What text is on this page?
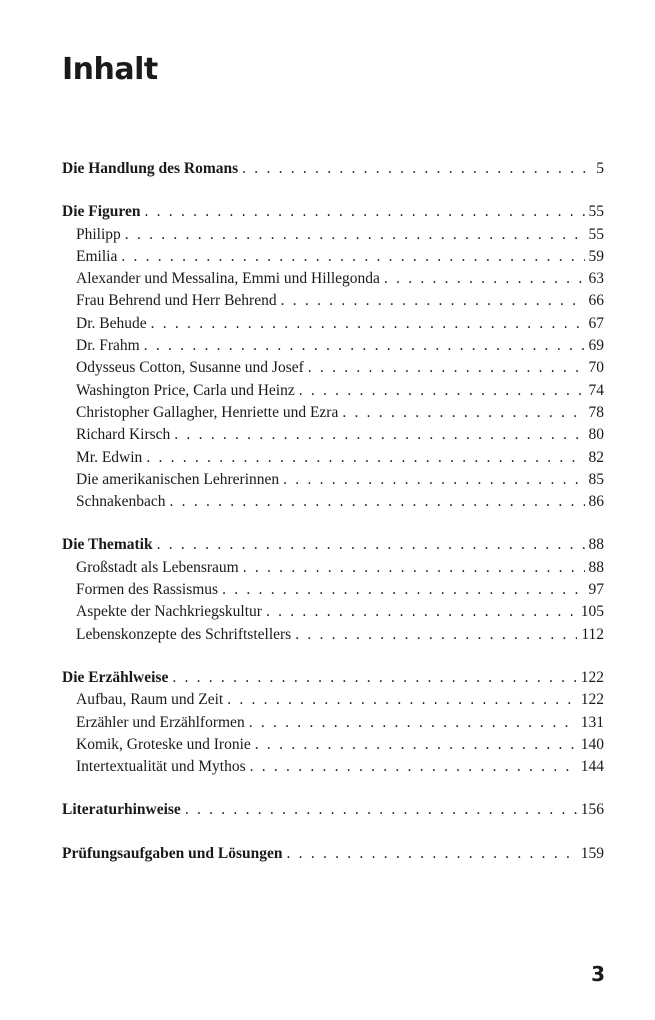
Inhalt
Die Handlung des Romans . . .	5
Die Figuren . . .	55
Philipp . . .	55
Emilia . . .	59
Alexander und Messalina, Emmi und Hillegonda . . .	63
Frau Behrend und Herr Behrend . . .	66
Dr. Behude . . .	67
Dr. Frahm . . .	69
Odysseus Cotton, Susanne und Josef . . .	70
Washington Price, Carla und Heinz . . .	74
Christopher Gallagher, Henriette und Ezra . . .	78
Richard Kirsch . . .	80
Mr. Edwin . . .	82
Die amerikanischen Lehrerinnen . . .	85
Schnakenbach . . .	86
Die Thematik . . .	88
Großstadt als Lebensraum . . .	88
Formen des Rassismus . . .	97
Aspekte der Nachkriegskultur . . .	105
Lebenskonzepte des Schriftstellers . . .	112
Die Erzählweise . . .	122
Aufbau, Raum und Zeit . . .	122
Erzähler und Erzählformen . . .	131
Komik, Groteske und Ironie . . .	140
Intertextualität und Mythos . . .	144
Literaturhinweise . . .	156
Prüfungsaufgaben und Lösungen . . .	159
3
